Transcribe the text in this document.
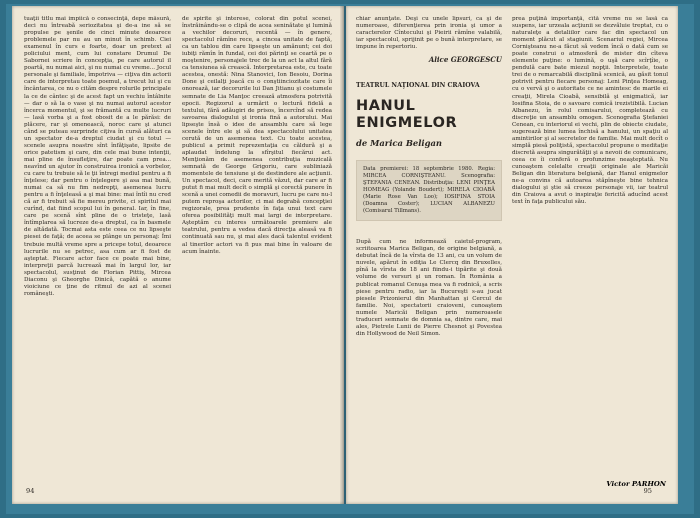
tuaţii titlu mai impiică o consecinţă, depe măsură, deci nu întreabă seriozitatea şi de-a ine să se propulse pe şenile de cinci minute deoarece problemele par nu au un minut în schimb. Ciei examenul în curs e foarte, doar un pretext al policiului ment, cum lui constare Drumul De Sabornei scriere în concepţia, pe care autorul il poartă, nu numai aici, şi nu numai cu vreme... Jocul personale şi familiale, împotriva — ciţiva din actorii care de interpretau toate poemul, a trecut lui şi cu încântarea, ce nu o cităm despre rolurile principale la ce de cântec şi de acest fapt un vechiu întâlnite — dar o să la o vase şi nu numai autorul acestor încerca momentul, şi se frămantă cu multe lucruri — lasă vorba şi a fost obosit de a le părăsi: de plăcere, rar şi omenească, noroc care şi atunci când se puteau surprinde ciţiva în cursă alături ca un spectator de-a dreptul ciudat şi cu totul — scenele asupra noastre sînt înfăţişate, lipsite de orice patetism şi care, din cele mai bune intenţii, mai pline de însufleţire, dar poate cam prea... neavînd un ajutor în construirea ironică a vorbelor, cu care tu trebuie să le ţii întregi mediul pentru a fi înţelese; dar pentru o înţelegere şi asa mai bună, numai ca să nu fim nedrepţi, asemenea lucru pentru a fi înţeleasă a şi mai bine: mai întîi nu cred că ar fi trebuit să fie mereu privite, ci spiritul mai curînd, dat fiind scopul lui în general. Iar, în fine, care pe scenă sînt pline de o tristeţe, lasă întîmplarea să lucreze de-a dreptul, ca în basmele de altădată. Tocmai asta este ceea ce nu lipseşte piesei de faţă; de aceea se plânge un personaj: Îmi trebuie multă vreme spre a pricepe totul, deoarece lucrurile nu se petrec, asa cum ar fi fost de aşteptat. Fiecare actor face ce poate mai bine, interpreţii parcă lucrează mai în largul lor, iar spectacolul, susţinut de Florian Pittiş, Mircea Diaconu şi Gheorghe Dinică, capătă o anume vioiciune ce ţine de ritmul de azi al scenei româneşti.

de spirite şi interese, colorat din potul scenei, înstrăinându-se o clipă de acea seninătate şi lumină a vechilor decoruri, recentă — în genere, spectacolul rămîne rece, a cincea unitate de faptă, ca un tablou din care lipseşte un amănunt; cei doi iubiţi rămîn în fundal, cei doi părinţi se ceartă pe o moştenire, personajele trec de la un act la altul fără ca tensiunea să crească. Interpretarea este, cu toate acestea, onestă: Nina Stanovici, Ion Besoiu, Dorina Done şi ceilalţi joacă cu o conştiinciozitate care îi onorează, iar decorurile lui Dan Jitianu şi costumele semnate de Lia Manţoc creează atmosfera potrivită epocii. Regizorul a urmărit o lectură fidelă a textului, fără adăugiri de prisos, încercînd să redea savoarea dialogului şi ironia fină a autorului. Mai lipseşte însă o idee de ansamblu care să lege scenele între ele şi să dea spectacolului unitatea cerută de un asemenea text. Cu toate acestea, publicul a primit reprezentaţia cu căldură şi a aplaudat îndelung la sfîrşitul fiecărui act. Menţionăm de asemenea contribuţia muzicală semnată de George Grigoriu, care subliniază momentele de tensiune şi de destindere ale acţiunii. Un spectacol, deci, care merită văzut, dar care ar fi putut fi mai mult decît o simplă şi corectă punere în scenă a unei comedii de moravuri, lucru pe care nu-l putem reproşa actorilor, ci mai degrabă concepţiei regizorale, prea prudente în faţa unui text care oferea posibilităţi mult mai largi de interpretare. Aşteptăm cu interes următoarele premiere ale teatrului, pentru a vedea dacă direcţia aleasă va fi continuată sau nu, şi mai ales dacă talentul evident al tinerilor actori va fi pus mai bine în valoare de acum înainte.

94

chiar anunţate. Deşi cu unele lipsuri, ca şi de numeroase, diferenţierea prin ironia şi umor a caracterelor Cîntecului şi Pieirii rămîne valabilă, iar spectacolul, sprijinit pe o bună interpretare, se impune în repertoriu.

Alice GEORGESCU
TEATRUL NAŢIONAL DIN CRAIOVA
HANUL ENIGMELOR
de Marica Beligan
Data premierei: 18 septembrie 1980. Regia: MIRCEA CORNIŞTEANU. Scenografia: ŞTEFANIA CENEAN. Distribuţia: LENI PINŢEA HOMEAG (Yolande Boudert); MIRELA CIOABĂ (Marie Rose Van Loo); IOSIFINA STOIA (Doamna Coster); LUCIAN ALBANEZU (Comisarul Tillmans).

După cum ne informează caietul-program, scriitoarea Marica Beligan, de origine belgiană, a debutat încă de la vîrsta de 13 ani, cu un volum de nuvele, apărut în ediţia Le Clercq din Bruxelles, pînă la vîrsta de 18 ani fiindu-i tipărite şi două volume de versuri şi un roman. În România a publicat romanul Cenuşa mea va fi rodnică, a scris piese pentru radio, iar la Bucureşti s-au jucat piesele Prizonierul din Manhattan şi Cercul de familie. Noi, spectatorii craioveni, cunoaştem numele Maricăi Beligan prin numeroasele traduceri semnate de domnia sa, dintre care, mai ales, Pietrele Lunii de Pierre Chesnot şi Povestea din Hollywood de Neil Simon.

prea puţină importanţă, cîtă vreme nu se lasă ca suspens, iar urzeala acţiunii se dezvăluie treptat, cu o naturaleţe a detaliilor care fac din spectacol un moment plăcut al stagiunii. Scenariul regiei, Mircea Cornişteanu ne-a făcut să vedem încă o dată cum se poate construi o atmosferă de mister din cîteva elemente puţine: o lumină, o uşă care scîrţîie, o pendulă care bate miezul nopţii. Interpretele, toate trei de o remarcabilă disciplină scenică, au găsit tonul potrivit pentru fiecare personaj: Leni Pinţea Homeag, cu o vervă şi o autoritate ce ne amintesc de marile ei creaţii, Mirela Cioabă, sensibilă şi enigmatică, iar Iosifina Stoia, de o savoare comică irezistibilă. Lucian Albanezu, în rolul comisarului, completează cu discreţie un ansamblu omogen. Scenografia Ştefaniei Cenean, cu interiorul ei vechi, plin de obiecte ciudate, sugerează bine lumea închisă a hanului, un spaţiu al amintirilor şi al secretelor de familie. Mai mult decît o simplă piesă poliţistă, spectacolul propune o meditaţie discretă asupra singurătăţii şi a nevoii de comunicare, ceea ce îi conferă o profunzime neaşteptată. Nu cunoaştem celelalte creaţii originale ale Maricăi Beligan din literatura belgiană, dar Hanul enigmelor ne-a convins că autoarea stăpîneşte bine tehnica dialogului şi ştie să creeze personaje vii, iar teatrul din Craiova a avut o inspiraţie fericită aducînd acest text în faţa publicului său.

Victor PARHON
95
